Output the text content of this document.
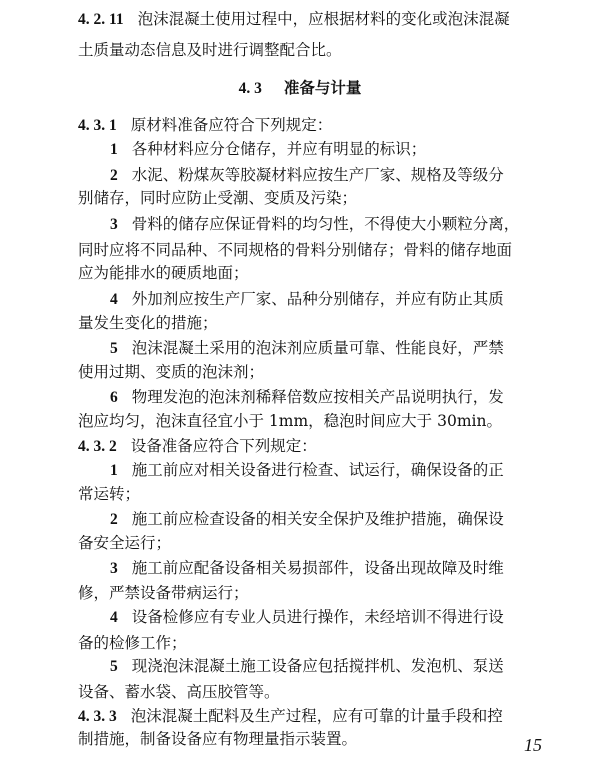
4. 2. 11 泡沫混凝土使用过程中，应根据材料的变化或泡沫混凝
土质量动态信息及时进行调整配合比。
4. 3 准备与计量
4. 3. 1 原材料准备应符合下列规定：
1 各种材料应分仓储存，并应有明显的标识；
2 水泥、粉煤灰等胶凝材料应按生产厂家、规格及等级分
别储存，同时应防止受潮、变质及污染；
3 骨料的储存应保证骨料的均匀性，不得使大小颗粒分离，
同时应将不同品种、不同规格的骨料分别储存；骨料的储存地面
应为能排水的硬质地面；
4 外加剂应按生产厂家、品种分别储存，并应有防止其质
量发生变化的措施；
5 泡沫混凝土采用的泡沫剂应质量可靠、性能良好，严禁
使用过期、变质的泡沫剂；
6 物理发泡的泡沫剂稀释倍数应按相关产品说明执行，发
泡应均匀，泡沫直径宜小于 1mm，稳泡时间应大于 30min。
4. 3. 2 设备准备应符合下列规定：
1 施工前应对相关设备进行检查、试运行，确保设备的正
常运转；
2 施工前应检查设备的相关安全保护及维护措施，确保设
备安全运行；
3 施工前应配备设备相关易损部件，设备出现故障及时维
修，严禁设备带病运行；
4 设备检修应有专业人员进行操作，未经培训不得进行设
备的检修工作；
5 现浇泡沫混凝土施工设备应包括搅拌机、发泡机、泵送
设备、蓄水袋、高压胶管等。
4. 3. 3 泡沫混凝土配料及生产过程，应有可靠的计量手段和控
制措施，制备设备应有物理量指示装置。	15
